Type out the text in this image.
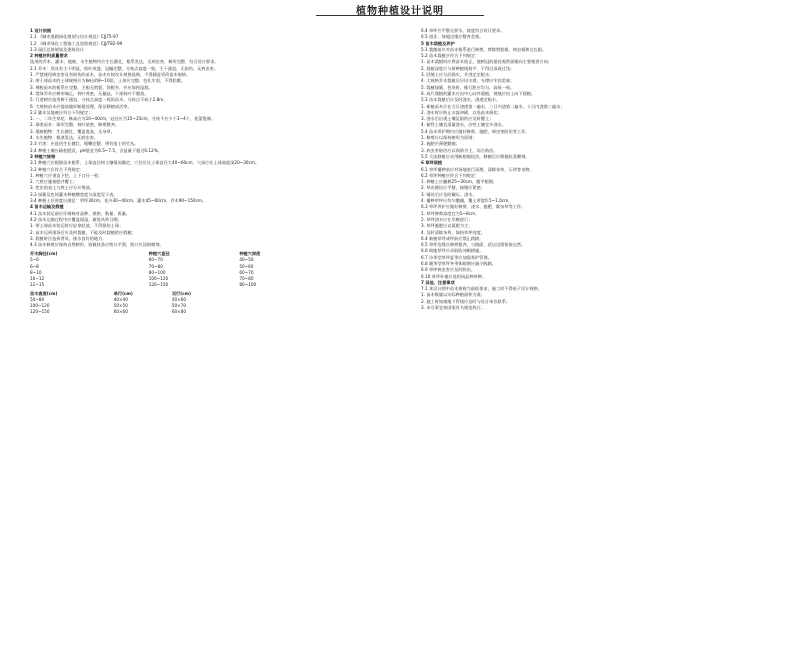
植物种植设计说明
1 设计依据
1.1 《城市道路绿化规划与设计规范》CJJ75-97
1.2 《城市绿化工程施工及验收规范》CJJ/T82-99
1.3 园区总体规划及建筑设计
2 种植材料质量要求
选用的乔木、灌木、地被、水生植物均应生长健壮，根系发达，无病虫害，树形完整，符合设计要求。
2.1 乔木：须具有主干明显，枝叶茂盛，冠幅完整，分枝点高度一致，主干通直，无损伤，无病虫害。
1. 严禁使用病虫害及有损伤的苗木，苗木应按设计规格选购，不得随意更改苗木规格。
2. 带土球苗木的土球规格应为胸径的8~10倍，土球应完整，包扎牢固，不得松散。
3. 裸根苗木的根系应完整，主根无劈裂，须根多，并应保持湿润。
4. 常绿乔木应树形端正，枝叶茂密，无偏冠，下部枝叶不脱落。
5. 行道树应选用树干通直、分枝点高度一致的苗木，分枝点不低于2.8m。
6. 大规格苗木应提前做好断根处理，保证移植成活率。
2.2 灌木及地被应符合下列规定：
1. 一、二年生草花：株高应为10~40cm，冠径应为15~35cm，分枝不应少于3~4个，花蕾饱满。
2. 球类苗木：球形完整，枝叶浓密，修剪整齐。
3. 地被植物：生长健壮，覆盖度高，无杂草。
4. 水生植物：根茎发达，无病虫害。
2.3 竹类：应选用生长健壮、根鞭完整、带有宿土的竹丛。
2.4 种植土壤应疏松肥沃，pH值宜为6.5~7.5，含盐量不超过0.12%。
3 种植穴规格
3.1 种植穴应根据苗木根系、土球直径和土壤情况确定，穴径应比土球直径大40~60cm，穴深应比土球高度深20~30cm。
3.2 种植穴应符合下列规定：
1. 种植穴应垂直下挖，上下口径一致；
2. 穴底应施基肥并覆土；
3. 挖出的表土与底土应分开堆放。
3.3 绿篱及色块灌木种植槽宽度与深度见下表。
3.4 种植土层厚度应满足：草坪30cm，花卉30~40cm，灌木45~60cm，乔木90~150cm。
4 苗木运输及假植
4.1 苗木装运前应仔细核对品种、规格、数量、质量。
4.2 苗木运输过程中应覆盖保湿，避免风吹日晒。
1. 带土球苗木装运时应轻拿轻放，不得损伤土球；
2. 苗木运到现场后应及时栽植，不能及时栽植的应假植；
3. 假植时应选择背风、排水良好的地方。
4.3 苗木修剪应保持自然树形，短截枝条应剪口平滑，剪口应涂防腐剂。
乔木胸径(cm)	种植穴直径	种植穴深度
5~6	60~70	40~50
6~8	70~80	50~60
8~10	80~100	60~70
10~12	100~120	70~80
12~15	120~150	80~100
苗木高度(cm)	单行(cm)	双行(cm)
50~80	40×40	40×60
100~120	50×50	50×70
120~150	60×60	60×80
6.4 草坪应平整无积水，坡度符合设计要求。
6.5 道牙、绿地边缘应整齐美观。
5 苗木栽植及养护
5.1 栽植前应对苗木根系进行修剪，剪除劈裂根、病虫根和过长根。
5.2 苗木栽植应符合下列规定：
1. 苗木栽植时应将苗木放正，使树冠的最佳观赏面朝向主要观赏方向；
2. 栽植深度应与原种植线持平，不得过深或过浅；
3. 回填土应分层捣实，并浇足定根水；
4. 大规格乔木栽植后应设支撑，支撑应牢固美观；
5. 栽植绿篱、色块时，株行距应均匀，高低一致。
6. 成片栽植的灌木应由中心向外栽植，坡地应由上向下栽植。
5.3 苗木栽植后应及时浇水，浇透定根水。
1. 新植苗木应在当日浇透第一遍水，三日内浇第二遍水，十日内浇第三遍水；
2. 浇水时应防止水流冲刷，以免苗木倒伏；
3. 浇水后出现土壤沉陷的应及时覆土；
4. 黏性土壤宜适量浇水，沙性土壤宜多浇水。
5.4 苗木养护期内应做好修剪、施肥、病虫害防治等工作。
1. 修剪应以保持树形为原则；
2. 施肥应薄肥勤施；
3. 病虫害防治应以预防为主，综合防治。
5.5 大苗移植应采用断根缩坨法，移植后应喷施抗蒸腾剂。
6 草坪栽植
6.1 草坪播种前应对场地进行清理，清除杂草、石块等杂物。
6.2 草坪种植应符合下列规定：
1. 种植土应翻耕25~30cm，搂平耙细；
2. 草皮铺设应平整，接缝应紧密；
3. 铺设后应及时碾压、浇水；
4. 播种草坪应均匀撒播，覆土厚度0.5~1.0cm。
6.3 草坪养护应做好修剪、浇水、施肥、除杂草等工作。
1. 草坪修剪高度宜为5~8cm；
2. 草坪浇水应在早晚进行；
3. 草坪施肥应以氮肥为主；
4. 及时清除杂草，保持草坪纯度。
6.4 新植草坪成坪前应禁止践踏。
6.5 草坪边缘应修剪整齐，与路面、花坛边缘衔接自然。
6.6 坡地草坪应采取防冲刷措施。
6.7 冷季型草坪夏季应加强养护管理。
6.8 暖季型草坪冬季休眠期应减少践踏。
6.9 草坪病虫害应及时防治。
6.10 草坪补植应选用同品种草种。
7 其他、注意事项
7.1 本设计图中苗木规格为最低要求，施工时不得低于设计规格。
1. 苗木数量以实际种植面积为准；
2. 施工时如遇地下管线应及时与设计单位联系；
3. 未尽事宜按国家有关规范执行。
